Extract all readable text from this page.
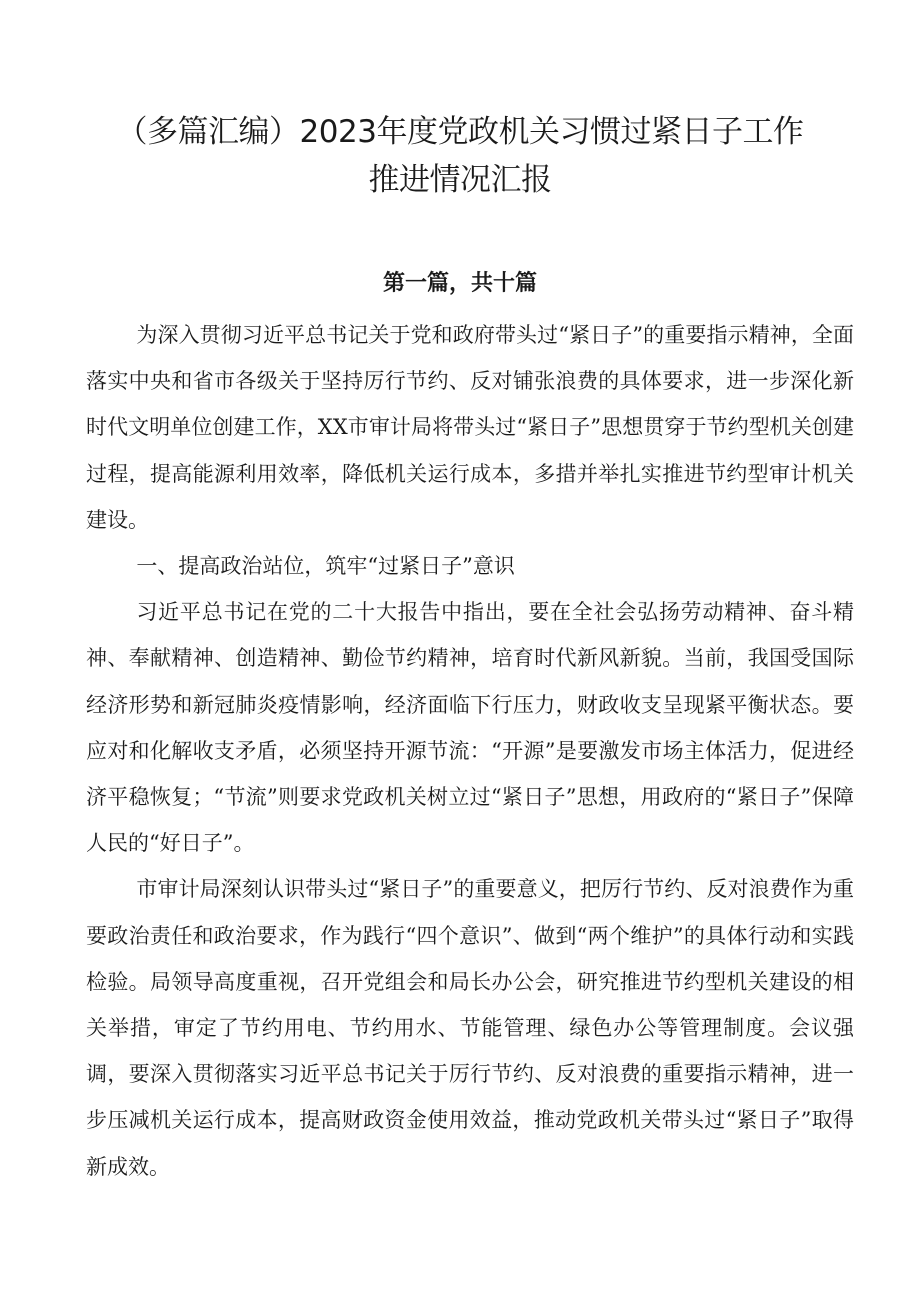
（多篇汇编）2023年度党政机关习惯过紧日子工作
推进情况汇报
第一篇，共十篇

为深入贯彻习近平总书记关于党和政府带头过“紧日子”的重要指示精神，全面落实中央和省市各级关于坚持厉行节约、反对铺张浪费的具体要求，进一步深化新时代文明单位创建工作，XX市审计局将带头过“紧日子”思想贯穿于节约型机关创建过程，提高能源利用效率，降低机关运行成本，多措并举扎实推进节约型审计机关建设。

一、提高政治站位，筑牢“过紧日子”意识

习近平总书记在党的二十大报告中指出，要在全社会弘扬劳动精神、奋斗精神、奉献精神、创造精神、勤俭节约精神，培育时代新风新貌。当前，我国受国际经济形势和新冠肺炎疫情影响，经济面临下行压力，财政收支呈现紧平衡状态。要应对和化解收支矛盾，必须坚持开源节流：“开源”是要激发市场主体活力，促进经济平稳恢复；“节流”则要求党政机关树立过“紧日子”思想，用政府的“紧日子”保障人民的“好日子”。

市审计局深刻认识带头过“紧日子”的重要意义，把厉行节约、反对浪费作为重要政治责任和政治要求，作为践行“四个意识”、做到“两个维护”的具体行动和实践检验。局领导高度重视，召开党组会和局长办公会，研究推进节约型机关建设的相关举措，审定了节约用电、节约用水、节能管理、绿色办公等管理制度。会议强调，要深入贯彻落实习近平总书记关于厉行节约、反对浪费的重要指示精神，进一步压减机关运行成本，提高财政资金使用效益，推动党政机关带头过“紧日子”取得新成效。
